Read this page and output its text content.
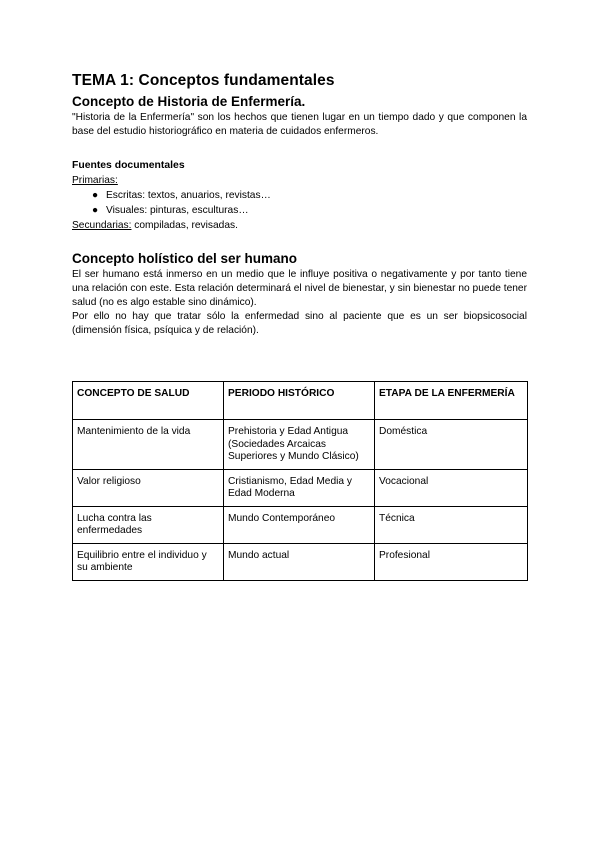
TEMA 1: Conceptos fundamentales
Concepto de Historia de Enfermería.

"Historia de la Enfermería" son los hechos que tienen lugar en un tiempo dado y que componen la base del estudio historiográfico en materia de cuidados enfermeros.

Fuentes documentales
Primarias:
● Escritas: textos, anuarios, revistas…
● Visuales: pinturas, esculturas…
Secundarias: compiladas, revisadas.
Concepto holístico del ser humano

El ser humano está inmerso en un medio que le influye positiva o negativamente y por tanto tiene una relación con este. Esta relación determinará el nivel de bienestar, y sin bienestar no puede tener salud (no es algo estable sino dinámico).

Por ello no hay que tratar sólo la enfermedad sino al paciente que es un ser biopsicosocial (dimensión física, psíquica y de relación).

CONCEPTO DE SALUD	PERIODO HISTÓRICO	ETAPA DE LA ENFERMERÍA
Mantenimiento de la vida	Prehistoria y Edad Antigua (Sociedades Arcaicas Superiores y Mundo Clásico)	Doméstica
Valor religioso	Cristianismo, Edad Media y Edad Moderna	Vocacional
Lucha contra las enfermedades	Mundo Contemporáneo	Técnica
Equilibrio entre el individuo y su ambiente	Mundo actual	Profesional
